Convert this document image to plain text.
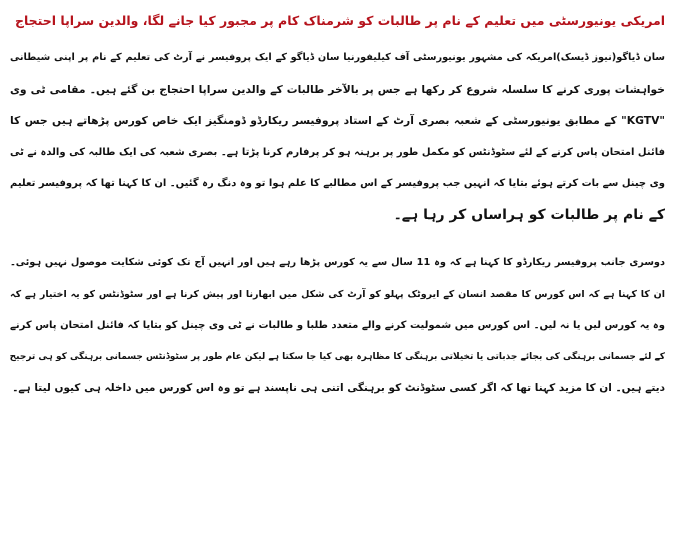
امریکی یونیورسٹی میں تعلیم کے نام پر طالبات کو شرمناک کام پر مجبور کیا جانے لگا، والدین سراپا احتجاج
سان ڈیاگو(نیوز ڈیسک)امریکہ کی مشہور یونیورسٹی آف کیلیفورنیا سان ڈیاگو کے ایک پروفیسر نے آرٹ کی تعلیم کے نام پر اپنی شیطانی
خواہشات پوری کرنے کا سلسلہ شروع کر رکھا ہے جس پر بالآخر طالبات کے والدین سراپا احتجاج بن گئے ہیں۔ مقامی ٹی وی
"KGTV" کے مطابق یونیورسٹی کے شعبہ بصری آرٹ کے استاد پروفیسر ریکارڈو ڈومنگیز ایک خاص کورس پڑھاتے ہیں جس کا
فائنل امتحان پاس کرنے کے لئے سٹوڈنٹس کو مکمل طور پر برہنہ ہو کر پرفارم کرنا پڑتا ہے۔ بصری شعبہ کی ایک طالبہ کی والدہ نے ٹی
وی چینل سے بات کرتے ہوئے بتایا کہ انہیں جب پروفیسر کے اس مطالبے کا علم ہوا تو وہ دنگ رہ گئیں۔ ان کا کہنا تھا کہ پروفیسر تعلیم
کے نام پر طالبات کو ہراساں کر رہا ہے۔
دوسری جانب پروفیسر ریکارڈو کا کہنا ہے کہ وہ 11 سال سے یہ کورس پڑھا رہے ہیں اور انہیں آج تک کوئی شکایت موصول نہیں ہوئی۔
ان کا کہنا ہے کہ اس کورس کا مقصد انسان کے ایروٹک پہلو کو آرٹ کی شکل میں ابھارنا اور پیش کرنا ہے اور سٹوڈنٹس کو یہ اختیار ہے کہ
وہ یہ کورس لیں یا نہ لیں۔ اس کورس میں شمولیت کرنے والے متعدد طلبا و طالبات نے ٹی وی چینل کو بتایا کہ فائنل امتحان پاس کرنے
کے لئے جسمانی برہنگی کی بجائے جذباتی یا تخیلاتی برہنگی کا مظاہرہ بھی کیا جا سکتا ہے لیکن عام طور پر سٹوڈنٹس جسمانی برہنگی کو ہی ترجیح
دیتے ہیں۔ ان کا مزید کہنا تھا کہ اگر کسی سٹوڈنٹ کو برہنگی اتنی ہی ناپسند ہے تو وہ اس کورس میں داخلہ ہی کیوں لیتا ہے۔
